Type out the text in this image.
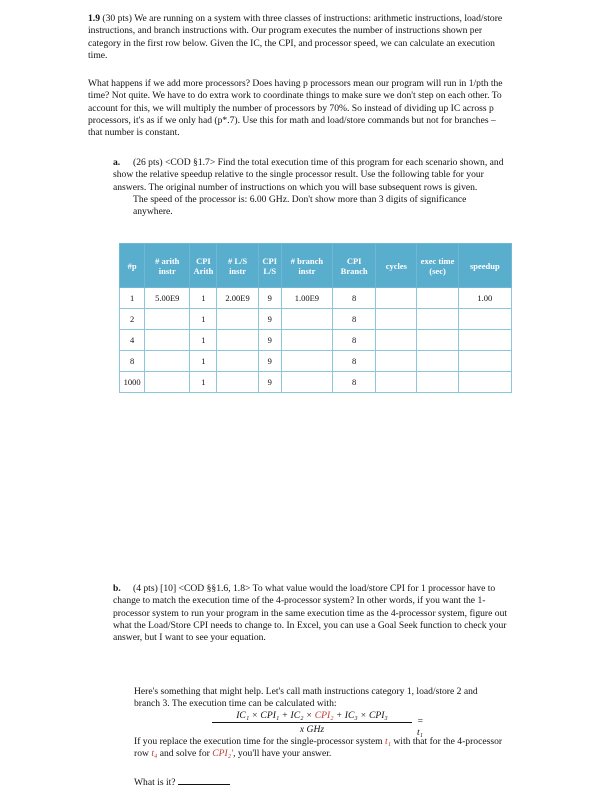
1.9 (30 pts) We are running on a system with three classes of instructions: arithmetic instructions, load/store instructions, and branch instructions with. Our program executes the number of instructions shown per category in the first row below. Given the IC, the CPI, and processor speed, we can calculate an execution time.
What happens if we add more processors? Does having p processors mean our program will run in 1/pth the time? Not quite. We have to do extra work to coordinate things to make sure we don't step on each other. To account for this, we will multiply the number of processors by 70%. So instead of dividing up IC across p processors, it's as if we only had (p*.7). Use this for math and load/store commands but not for branches – that number is constant.
a. (26 pts) <COD §1.7> Find the total execution time of this program for each scenario shown, and show the relative speedup relative to the single processor result. Use the following table for your answers. The original number of instructions on which you will base subsequent rows is given.
The speed of the processor is: 6.00 GHz. Don't show more than 3 digits of significance anywhere.
#p	# arith instr	CPI Arith	# L/S instr	CPI L/S	# branch instr	CPI Branch	cycles	exec time (sec)	speedup
1	5.00E9	1	2.00E9	9	1.00E9	8			1.00
2		1		9		8			
4		1		9		8			
8		1		9		8			
1000		1		9		8			
b. (4 pts) [10] <COD §§1.6, 1.8> To what value would the load/store CPI for 1 processor have to change to match the execution time of the 4-processor system? In other words, if you want the 1-processor system to run your program in the same execution time as the 4-processor system, figure out what the Load/Store CPI needs to change to. In Excel, you can use a Goal Seek function to check your answer, but I want to see your equation.
Here's something that might help. Let's call math instructions category 1, load/store 2 and branch 3. The execution time can be calculated with:
IC₁ × CPI₁ + IC₂ × CPI₂ + IC₃ × CPI₃
x GHz
= t₁
If you replace the execution time for the single-processor system t₁ with that for the 4-processor row t₄ and solve for CPI₂′, you'll have your answer.
What is it?
